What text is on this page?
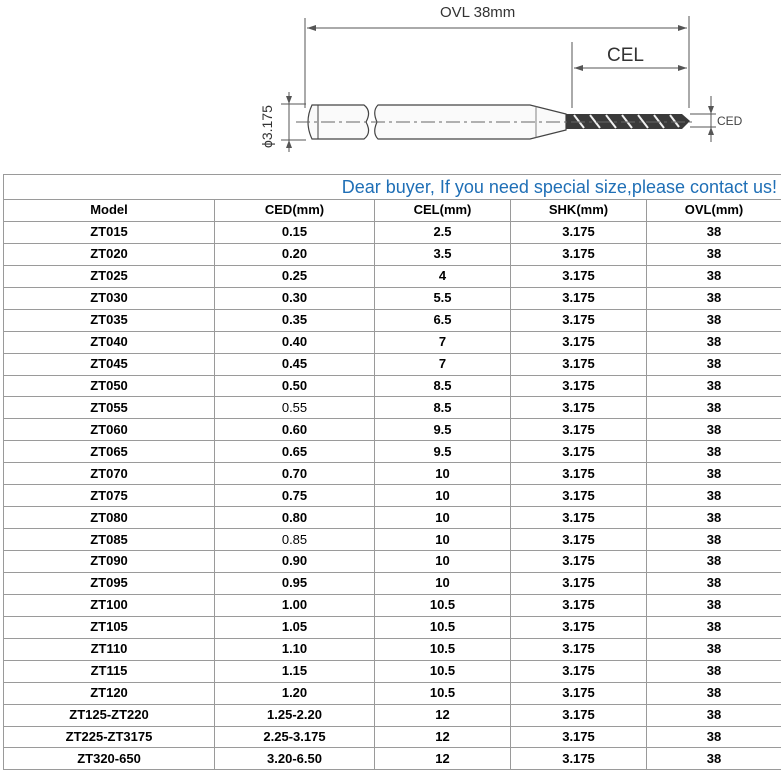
OVL 38mm
CEL
CED
ϕ3.175
Dear buyer, If you need special size,please contact us!				
Model	CED(mm)	CEL(mm)	SHK(mm)	OVL(mm)
ZT015	0.15	2.5	3.175	38
ZT020	0.20	3.5	3.175	38
ZT025	0.25	4	3.175	38
ZT030	0.30	5.5	3.175	38
ZT035	0.35	6.5	3.175	38
ZT040	0.40	7	3.175	38
ZT045	0.45	7	3.175	38
ZT050	0.50	8.5	3.175	38
ZT055	0.55	8.5	3.175	38
ZT060	0.60	9.5	3.175	38
ZT065	0.65	9.5	3.175	38
ZT070	0.70	10	3.175	38
ZT075	0.75	10	3.175	38
ZT080	0.80	10	3.175	38
ZT085	0.85	10	3.175	38
ZT090	0.90	10	3.175	38
ZT095	0.95	10	3.175	38
ZT100	1.00	10.5	3.175	38
ZT105	1.05	10.5	3.175	38
ZT110	1.10	10.5	3.175	38
ZT115	1.15	10.5	3.175	38
ZT120	1.20	10.5	3.175	38
ZT125-ZT220	1.25-2.20	12	3.175	38
ZT225-ZT3175	2.25-3.175	12	3.175	38
ZT320-650	3.20-6.50	12	3.175	38
